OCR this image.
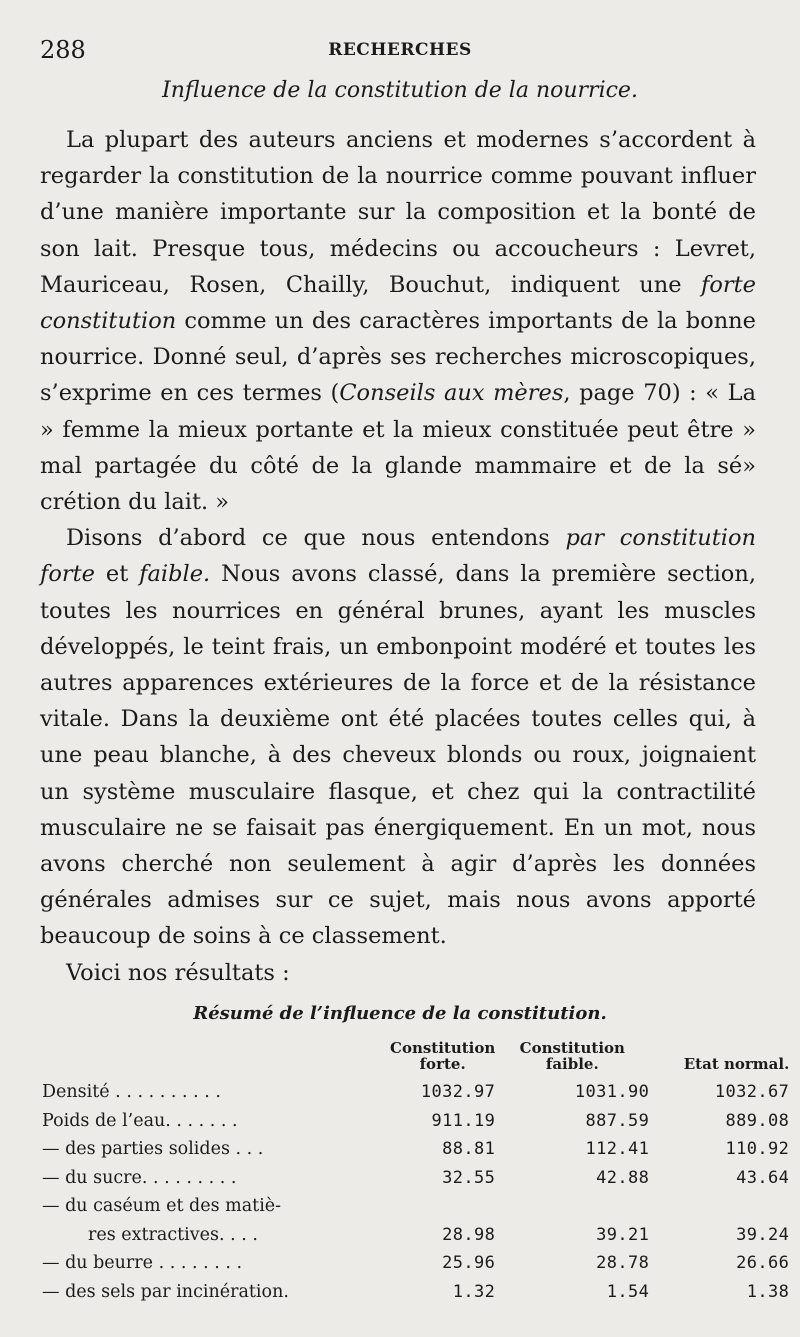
288	RECHERCHES
Influence de la constitution de la nourrice.

La plupart des auteurs anciens et modernes s’accordent à regarder la constitution de la nourrice comme pouvant influer d’une manière importante sur la composition et la bonté de son lait. Presque tous, médecins ou accoucheurs : Levret, Mauriceau, Rosen, Chailly, Bouchut, indiquent une forte constitution comme un des caractères importants de la bonne nourrice. Donné seul, d’après ses recherches microscopiques, s’exprime en ces termes (Conseils aux mères, page 70) : « La » femme la mieux portante et la mieux constituée peut être » mal partagée du côté de la glande mammaire et de la sé» crétion du lait. »

Disons d’abord ce que nous entendons par constitution forte et faible. Nous avons classé, dans la première section, toutes les nourrices en général brunes, ayant les muscles développés, le teint frais, un embonpoint modéré et toutes les autres apparences extérieures de la force et de la résistance vitale. Dans la deuxième ont été placées toutes celles qui, à une peau blanche, à des cheveux blonds ou roux, joignaient un système musculaire flasque, et chez qui la contractilité musculaire ne se faisait pas énergiquement. En un mot, nous avons cherché non seulement à agir d’après les données générales admises sur ce sujet, mais nous avons apporté beaucoup de soins à ce classement.

Voici nos résultats :

Résumé de l’influence de la constitution.
	Constitution forte.	Constitution faible.	Etat normal.
Densité . . . . . . . . . .	1032.97	1031.90	1032.67
Poids de l’eau. . . . . . .	911.19	887.59	889.08
— des parties solides . . .	88.81	112.41	110.92
— du sucre. . . . . . . . .	32.55	42.88	43.64
— du caséum et des matiè-			
res extractives. . . .	28.98	39.21	39.24
— du beurre . . . . . . . .	25.96	28.78	26.66
— des sels par incinération.	1.32	1.54	1.38
